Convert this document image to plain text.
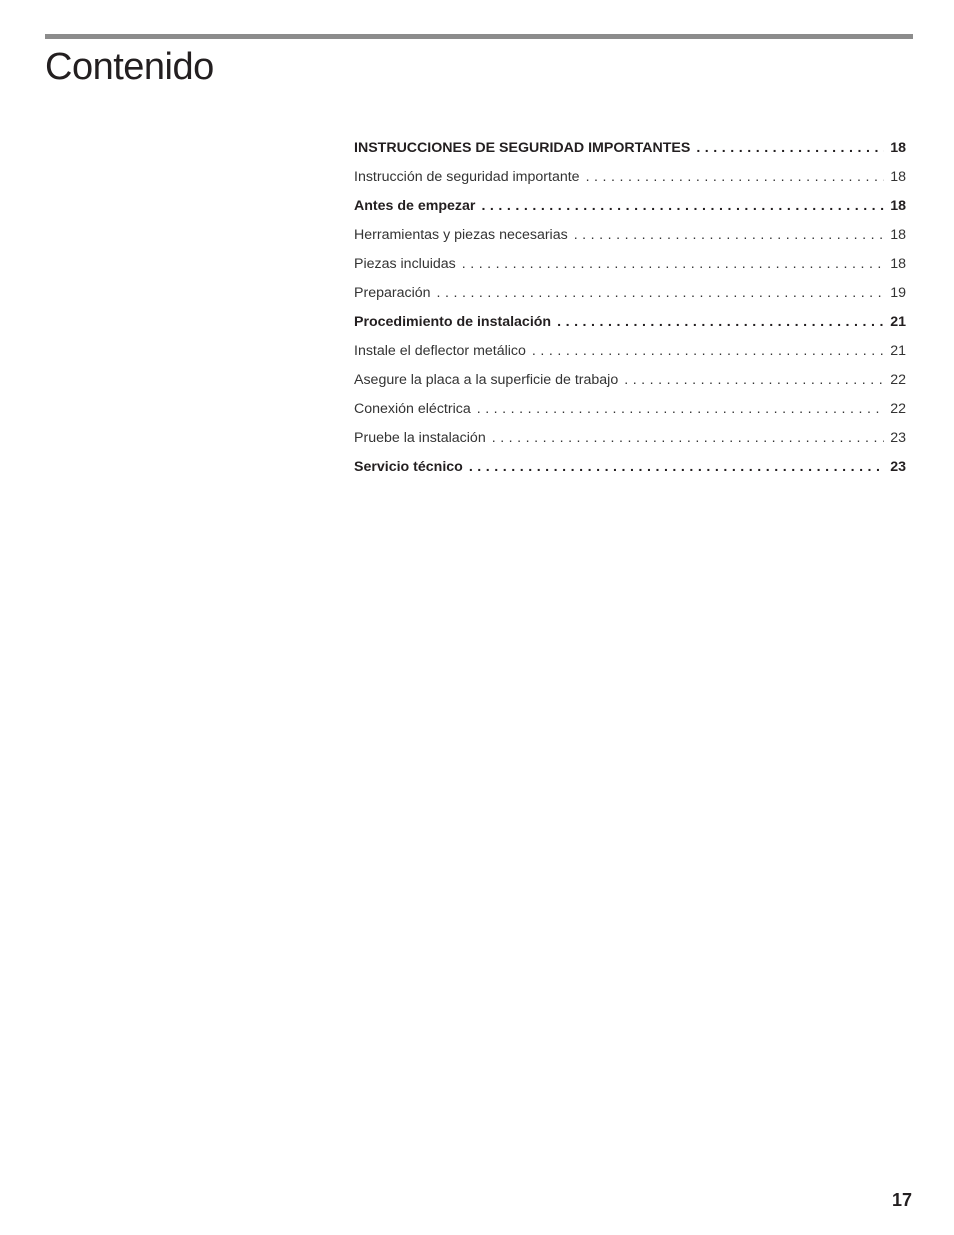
Contenido
INSTRUCCIONES DE SEGURIDAD IMPORTANTES . . .	18
Instrucción de seguridad importante . . .	18
Antes de empezar . . .	18
Herramientas y piezas necesarias . . .	18
Piezas incluidas . . .	18
Preparación . . .	19
Procedimiento de instalación . . .	21
Instale el deflector metálico . . .	21
Asegure la placa a la superficie de trabajo . . .	22
Conexión eléctrica . . .	22
Pruebe la instalación . . .	23
Servicio técnico . . .	23
17
